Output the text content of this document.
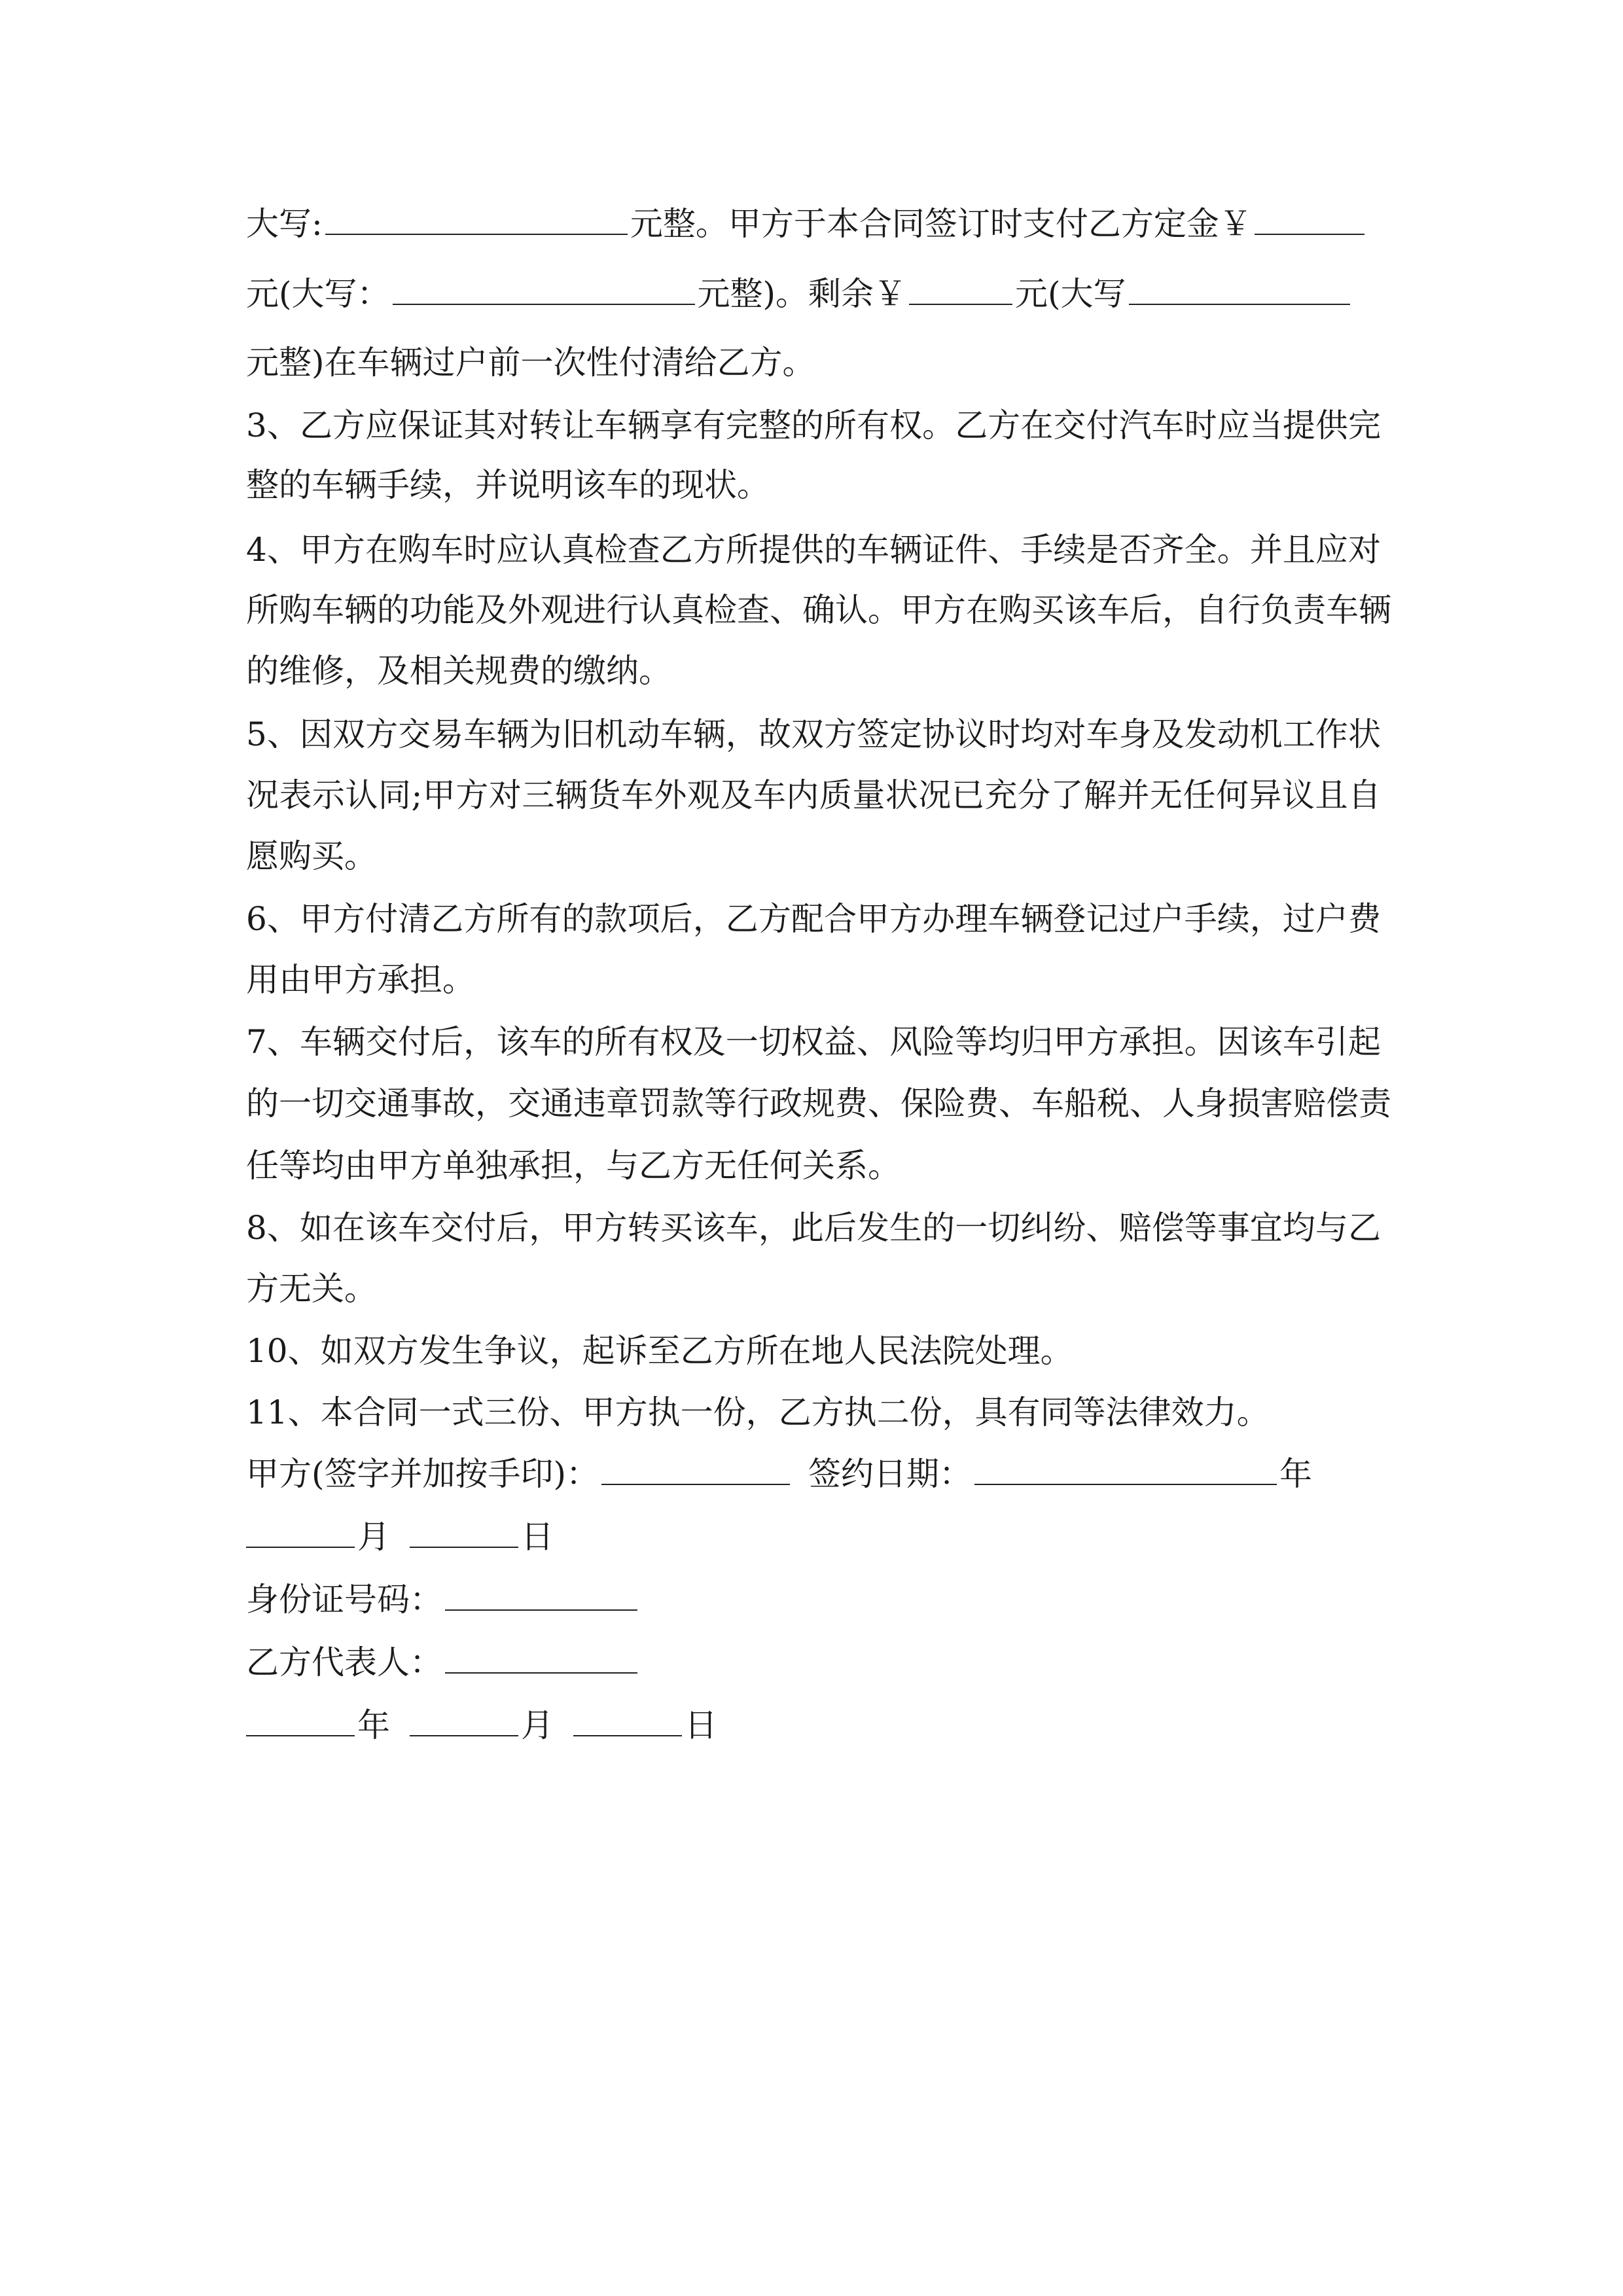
大写:	元整。甲方于本合同签订时支付乙方定金￥
元(大写：	元整)。剩余￥	元(大写
元整)在车辆过户前一次性付清给乙方。
3、乙方应保证其对转让车辆享有完整的所有权。乙方在交付汽车时应当提供完
整的车辆手续，并说明该车的现状。
4、甲方在购车时应认真检查乙方所提供的车辆证件、手续是否齐全。并且应对
所购车辆的功能及外观进行认真检查、确认。甲方在购买该车后，自行负责车辆
的维修，及相关规费的缴纳。
5、因双方交易车辆为旧机动车辆，故双方签定协议时均对车身及发动机工作状
况表示认同;甲方对三辆货车外观及车内质量状况已充分了解并无任何异议且自
愿购买。
6、甲方付清乙方所有的款项后，乙方配合甲方办理车辆登记过户手续，过户费
用由甲方承担。
7、车辆交付后，该车的所有权及一切权益、风险等均归甲方承担。因该车引起
的一切交通事故，交通违章罚款等行政规费、保险费、车船税、人身损害赔偿责
任等均由甲方单独承担，与乙方无任何关系。
8、如在该车交付后，甲方转买该车，此后发生的一切纠纷、赔偿等事宜均与乙
方无关。
10、如双方发生争议，起诉至乙方所在地人民法院处理。
11、本合同一式三份、甲方执一份，乙方执二份，具有同等法律效力。
甲方(签字并加按手印)：	签约日期：	年
月	日
身份证号码：
乙方代表人：
年	月	日
